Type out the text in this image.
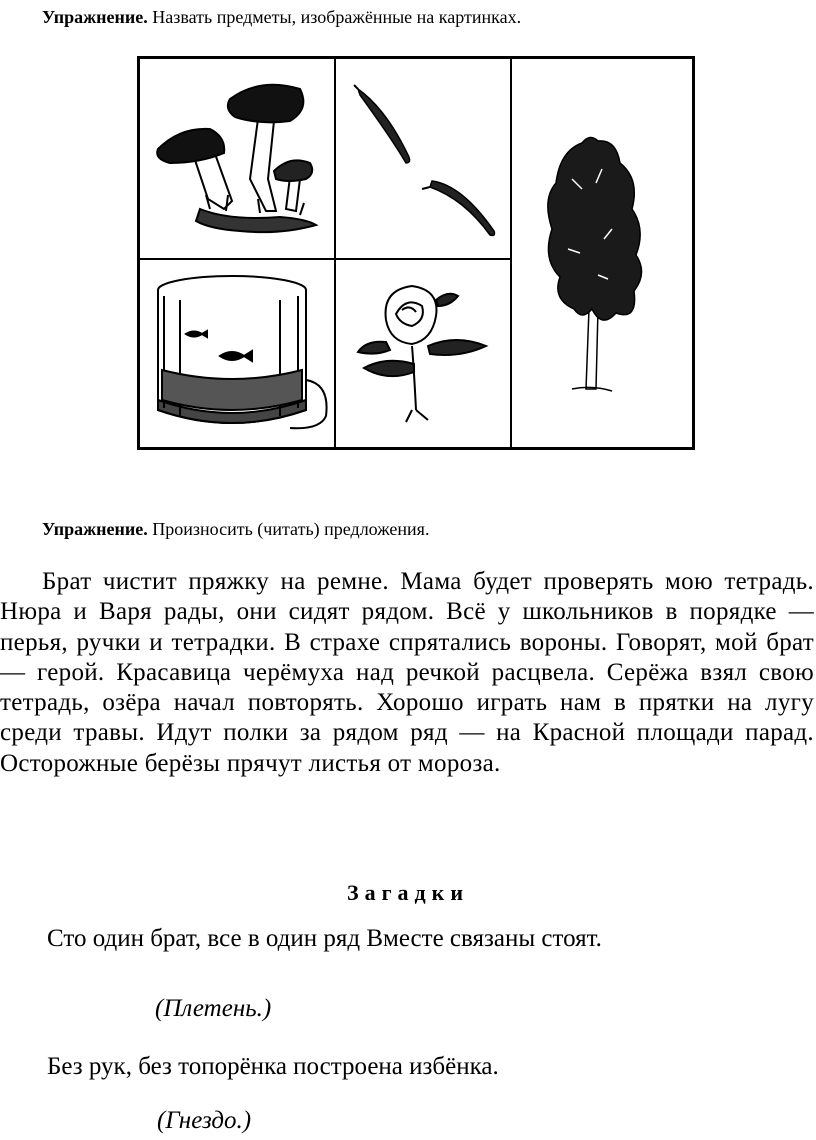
Упражнение. Назвать предметы, изображённые на картинках.
Упражнение. Произносить (читать) предложения.

Брат чистит пряжку на ремне. Мама будет проверять мою тетрадь. Нюра и Варя рады, они сидят рядом. Всё у школьников в порядке — перья, ручки и тетрадки. В страхе спрятались вороны. Говорят, мой брат — герой. Красавица черёмуха над речкой расцвела. Серёжа взял свою тетрадь, озёра начал повторять. Хорошо играть нам в прятки на лугу среди травы. Идут полки за рядом ряд — на Красной площади парад. Осторожные берёзы прячут листья от мороза.

Загадки
Сто один брат, все в один ряд Вместе связаны стоят.
(Плетень.)
Без рук, без топорёнка построена избёнка.
(Гнездо.)
